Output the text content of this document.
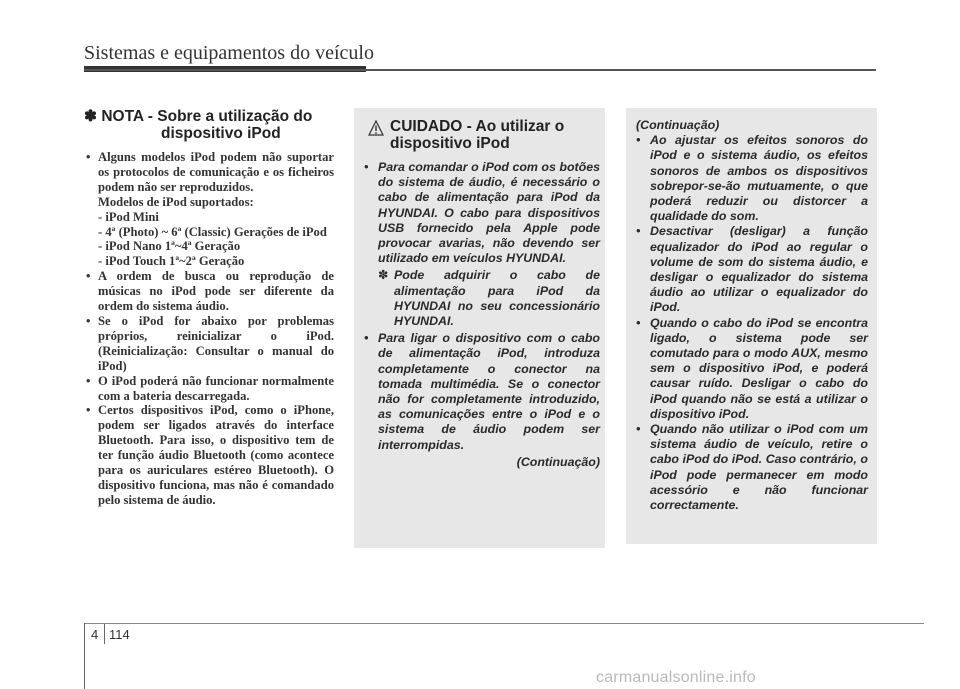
Sistemas e equipamentos do veículo
✽ NOTA - Sobre a utilização do
dispositivo iPod
• Alguns modelos iPod podem não suportar os protocolos de comunicação e os ficheiros podem não ser reproduzidos.
Modelos de iPod suportados:
- iPod Mini
- 4ª (Photo) ~ 6ª (Classic) Gerações de iPod
- iPod Nano 1ª~4ª Geração
- iPod Touch 1ª~2ª Geração
• A ordem de busca ou reprodução de músicas no iPod pode ser diferente da ordem do sistema áudio.
• Se o iPod for abaixo por problemas próprios, reinicializar o iPod. (Reinicialização: Consultar o manual do iPod)
• O iPod poderá não funcionar normalmente com a bateria descarregada.
• Certos dispositivos iPod, como o iPhone, podem ser ligados através do interface Bluetooth. Para isso, o dispositivo tem de ter função áudio Bluetooth (como acontece para os auriculares estéreo Bluetooth). O dispositivo funciona, mas não é comandado pelo sistema de áudio.
CUIDADO - Ao utilizar o
dispositivo iPod
• Para comandar o iPod com os botões do sistema de áudio, é necessário o cabo de alimentação para iPod da HYUNDAI. O cabo para dispositivos USB fornecido pela Apple pode provocar avarias, não devendo ser utilizado em veículos HYUNDAI.
✽ Pode adquirir o cabo de alimentação para iPod da HYUNDAI no seu concessionário HYUNDAI.
• Para ligar o dispositivo com o cabo de alimentação iPod, introduza completamente o conector na tomada multimédia. Se o conector não for completamente introduzido, as comunicações entre o iPod e o sistema de áudio podem ser interrompidas.
(Continuação)
(Continuação)
• Ao ajustar os efeitos sonoros do iPod e o sistema áudio, os efeitos sonoros de ambos os dispositivos sobrepor-se-ão mutuamente, o que poderá reduzir ou distorcer a qualidade do som.
• Desactivar (desligar) a função equalizador do iPod ao regular o volume de som do sistema áudio, e desligar o equalizador do sistema áudio ao utilizar o equalizador do iPod.
• Quando o cabo do iPod se encontra ligado, o sistema pode ser comutado para o modo AUX, mesmo sem o dispositivo iPod, e poderá causar ruído. Desligar o cabo do iPod quando não se está a utilizar o dispositivo iPod.
• Quando não utilizar o iPod com um sistema áudio de veículo, retire o cabo iPod do iPod. Caso contrário, o iPod pode permanecer em modo acessório e não funcionar correctamente.
4 114
carmanualsonline.info
